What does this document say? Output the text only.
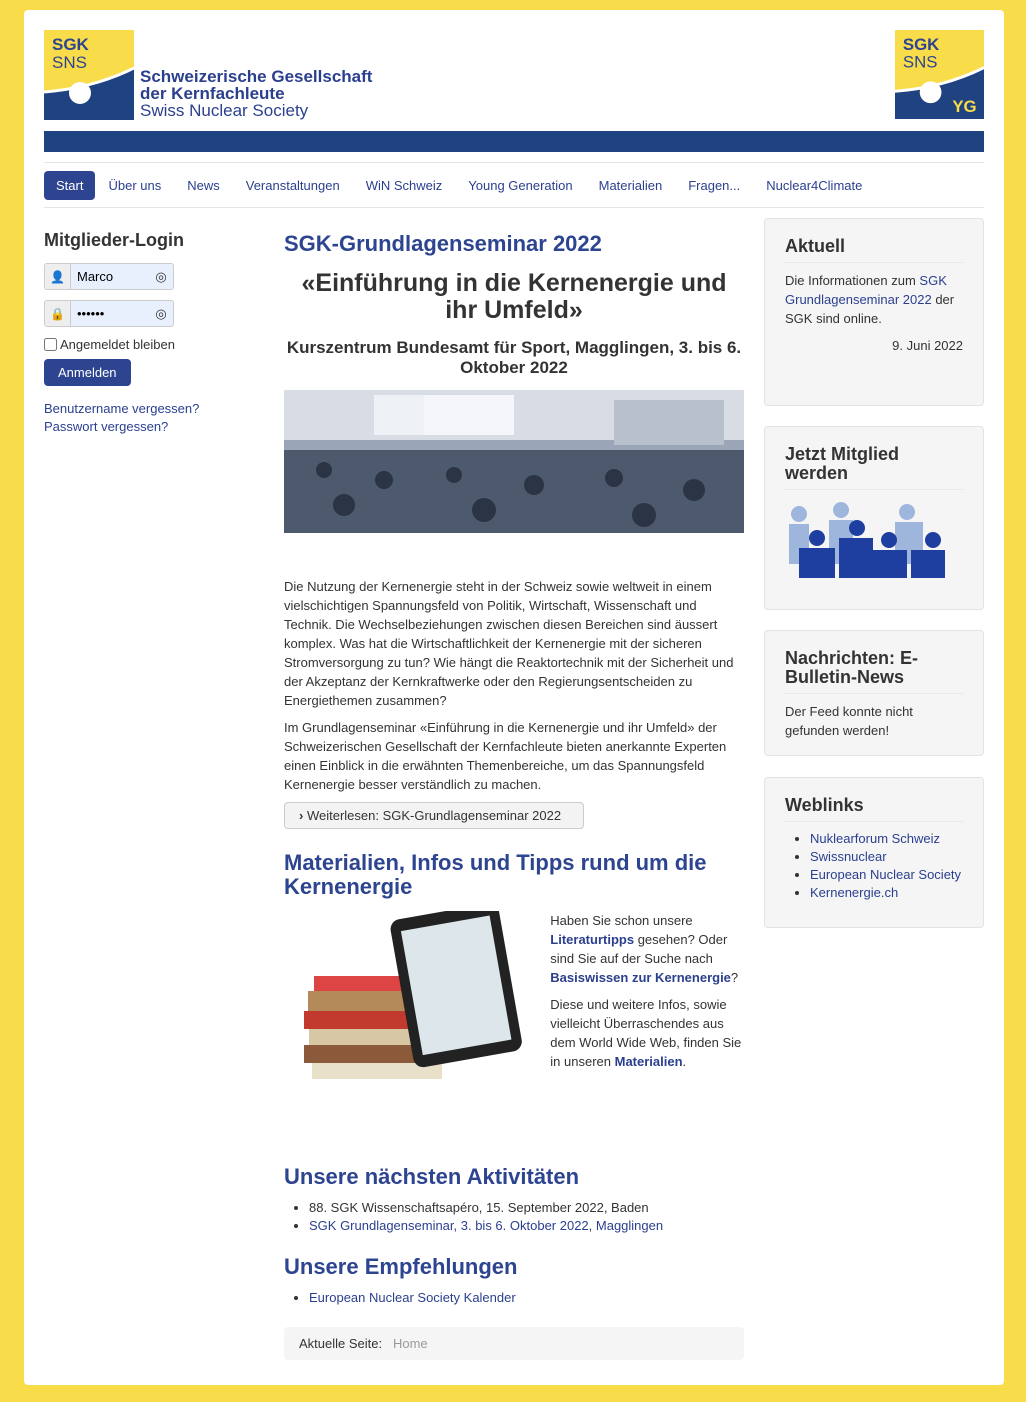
SGK
SNS
Schweizerische Gesellschaft
der Kernfachleute
Swiss Nuclear Society
SGK
SNS
YG
Start	Über uns	News	Veranstaltungen	WiN Schweiz	Young Generation	Materialien	Fragen...	Nuclear4Climate
Mitglieder-Login
👤
Marco	◎
🔒
••••••	◎
Angemeldet bleiben
Anmelden
Benutzername vergessen?
Passwort vergessen?
SGK-Grundlagenseminar 2022
«Einführung in die Kernenergie und ihr Umfeld»
Kurszentrum Bundesamt für Sport, Magglingen, 3. bis 6. Oktober 2022

Die Nutzung der Kernenergie steht in der Schweiz sowie weltweit in einem vielschichtigen Spannungsfeld von Politik, Wirtschaft, Wissenschaft und Technik. Die Wechselbeziehungen zwischen diesen Bereichen sind äussert komplex. Was hat die Wirtschaftlichkeit der Kernenergie mit der sicheren Stromversorgung zu tun? Wie hängt die Reaktortechnik mit der Sicherheit und der Akzeptanz der Kernkraftwerke oder den Regierungsentscheiden zu Energiethemen zusammen?

Im Grundlagenseminar «Einführung in die Kernenergie und ihr Umfeld» der Schweizerischen Gesellschaft der Kernfachleute bieten anerkannte Experten einen Einblick in die erwähnten Themenbereiche, um das Spannungsfeld Kernenergie besser verständlich zu machen.

› Weiterlesen: SGK-Grundlagenseminar 2022
Materialien, Infos und Tipps rund um die Kernenergie

Haben Sie schon unsere Literaturtipps gesehen? Oder sind Sie auf der Suche nach Basiswissen zur Kernenergie?

Diese und weitere Infos, sowie vielleicht Überraschendes aus dem World Wide Web, finden Sie in unseren Materialien.

Unsere nächsten Aktivitäten
• 88. SGK Wissenschaftsapéro, 15. September 2022, Baden
• SGK Grundlagenseminar, 3. bis 6. Oktober 2022, Magglingen
Unsere Empfehlungen
• European Nuclear Society Kalender
Aktuelle Seite: Home
Aktuell

Die Informationen zum SGK Grundlagenseminar 2022 der SGK sind online.

9. Juni 2022

Jetzt Mitglied werden
Nachrichten: E-Bulletin-News

Der Feed konnte nicht gefunden werden!

Weblinks
• Nuklearforum Schweiz
• Swissnuclear
• European Nuclear Society
• Kernenergie.ch
